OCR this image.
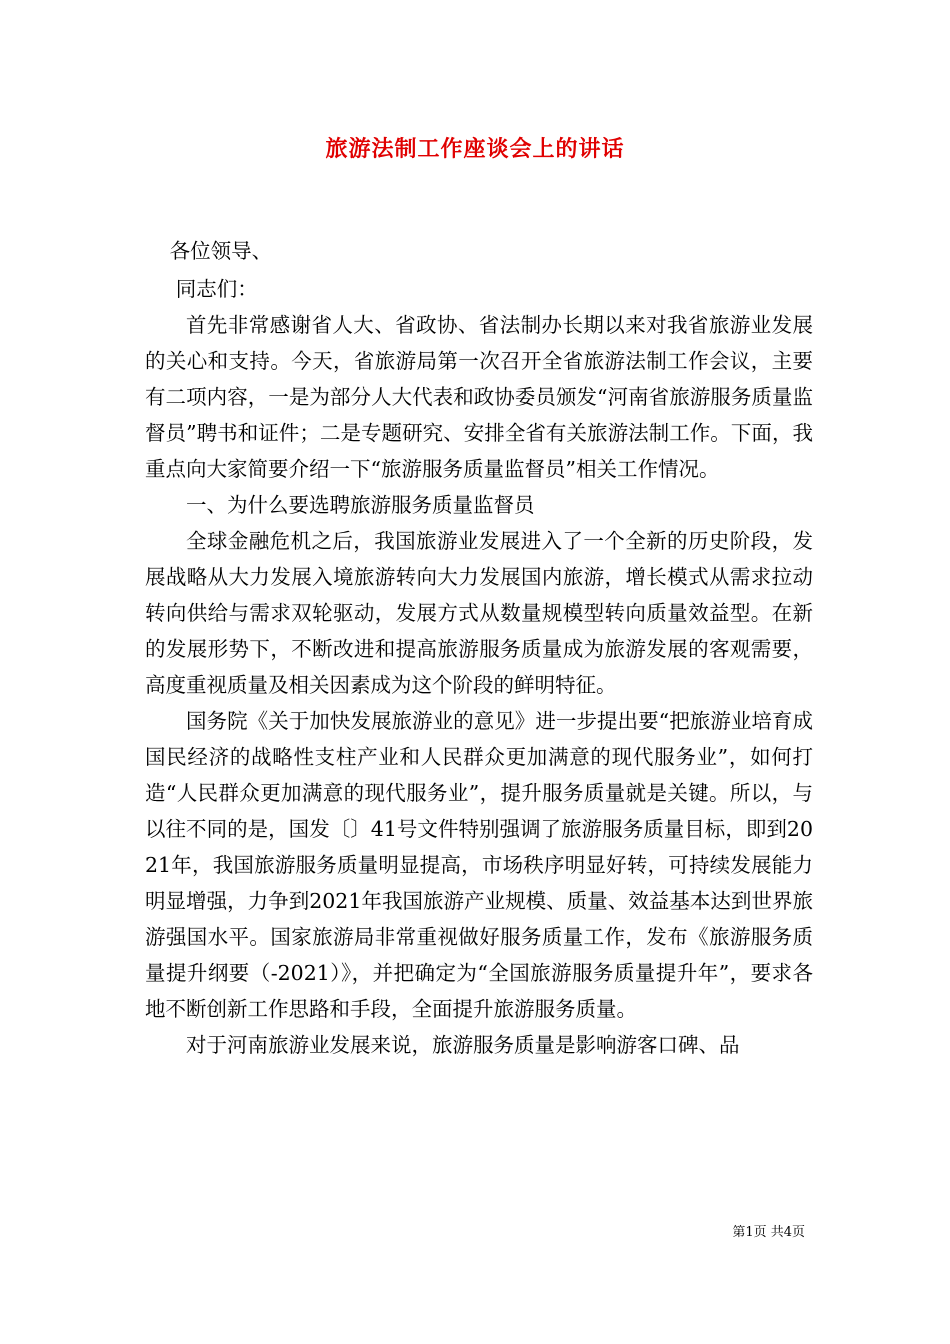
旅游法制工作座谈会上的讲话

各位领导、

同志们：

首先非常感谢省人大、省政协、省法制办长期以来对我省旅游业发展的关心和支持。今天，省旅游局第一次召开全省旅游法制工作会议，主要有二项内容，一是为部分人大代表和政协委员颁发“河南省旅游服务质量监督员”聘书和证件；二是专题研究、安排全省有关旅游法制工作。下面，我重点向大家简要介绍一下“旅游服务质量监督员”相关工作情况。

一、为什么要选聘旅游服务质量监督员

全球金融危机之后，我国旅游业发展进入了一个全新的历史阶段，发展战略从大力发展入境旅游转向大力发展国内旅游，增长模式从需求拉动转向供给与需求双轮驱动，发展方式从数量规模型转向质量效益型。在新的发展形势下，不断改进和提高旅游服务质量成为旅游发展的客观需要，高度重视质量及相关因素成为这个阶段的鲜明特征。

国务院《关于加快发展旅游业的意见》进一步提出要“把旅游业培育成国民经济的战略性支柱产业和人民群众更加满意的现代服务业”，如何打造“人民群众更加满意的现代服务业”，提升服务质量就是关键。所以，与以往不同的是，国发〔〕41号文件特别强调了旅游服务质量目标，即到2021年，我国旅游服务质量明显提高，市场秩序明显好转，可持续发展能力明显增强，力争到2021年我国旅游产业规模、质量、效益基本达到世界旅游强国水平。国家旅游局非常重视做好服务质量工作，发布《旅游服务质量提升纲要（-2021）》，并把确定为“全国旅游服务质量提升年”，要求各地不断创新工作思路和手段，全面提升旅游服务质量。

对于河南旅游业发展来说，旅游服务质量是影响游客口碑、品

第1页 共4页
